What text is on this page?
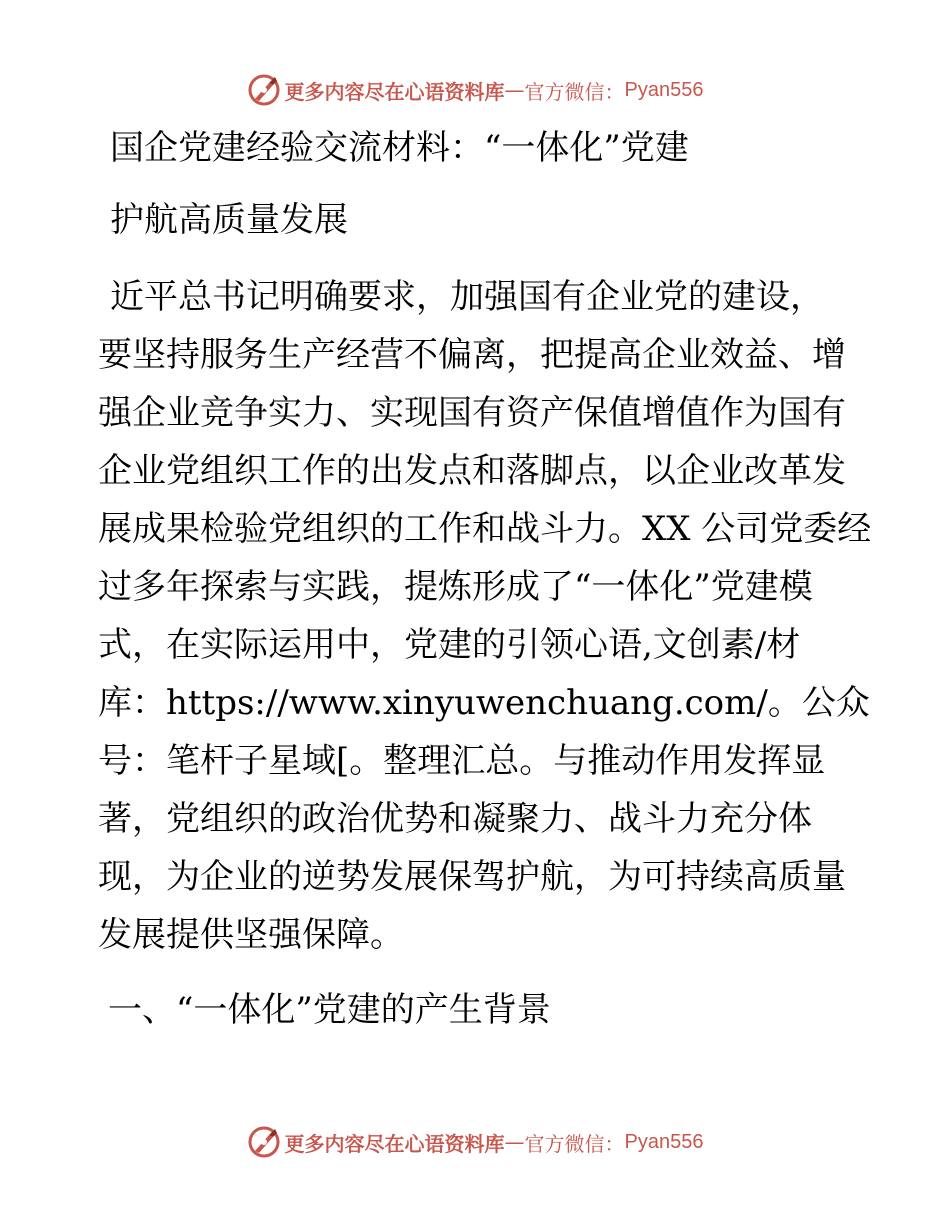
更多内容尽在心语资料库 — 官方微信： Pyan556
国企党建经验交流材料：“一体化”党建
护航高质量发展
近平总书记明确要求，加强国有企业党的建设，
要坚持服务生产经营不偏离，把提高企业效益、增
强企业竞争实力、实现国有资产保值增值作为国有
企业党组织工作的出发点和落脚点，以企业改革发
展成果检验党组织的工作和战斗力。XX 公司党委经
过多年探索与实践，提炼形成了“一体化”党建模
式，在实际运用中，党建的引领心语,文创素/材
库：https://www.xinyuwenchuang.com/。公众
号：笔杆子星域[。整理汇总。与推动作用发挥显
著，党组织的政治优势和凝聚力、战斗力充分体
现，为企业的逆势发展保驾护航，为可持续高质量
发展提供坚强保障。
一、“一体化”党建的产生背景
更多内容尽在心语资料库 — 官方微信： Pyan556
